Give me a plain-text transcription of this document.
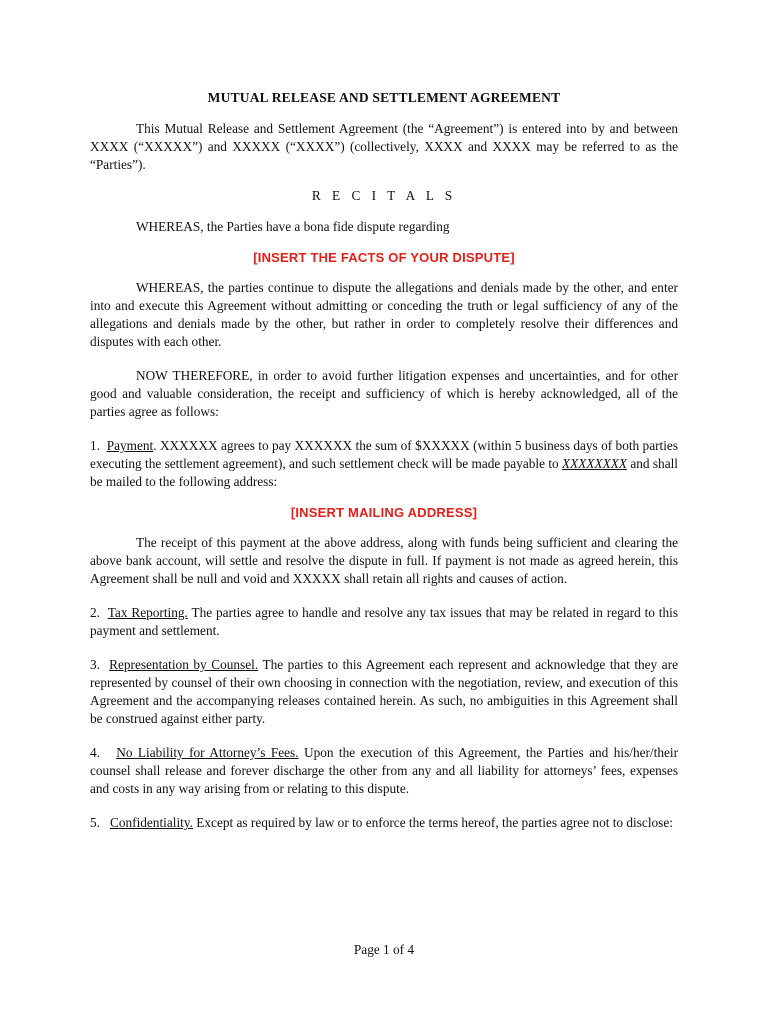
MUTUAL RELEASE AND SETTLEMENT AGREEMENT

This Mutual Release and Settlement Agreement (the “Agreement”) is entered into by and between XXXX (“XXXXX”) and XXXXX (“XXXX”) (collectively, XXXX and XXXX may be referred to as the “Parties”).

R E C I T A L S

WHEREAS, the Parties have a bona fide dispute regarding

[INSERT THE FACTS OF YOUR DISPUTE]

WHEREAS, the parties continue to dispute the allegations and denials made by the other, and enter into and execute this Agreement without admitting or conceding the truth or legal sufficiency of any of the allegations and denials made by the other, but rather in order to completely resolve their differences and disputes with each other.

NOW THEREFORE, in order to avoid further litigation expenses and uncertainties, and for other good and valuable consideration, the receipt and sufficiency of which is hereby acknowledged, all of the parties agree as follows:

1. Payment. XXXXXX agrees to pay XXXXXX the sum of $XXXXX (within 5 business days of both parties executing the settlement agreement), and such settlement check will be made payable to XXXXXXXX and shall be mailed to the following address:

[INSERT MAILING ADDRESS]

The receipt of this payment at the above address, along with funds being sufficient and clearing the above bank account, will settle and resolve the dispute in full. If payment is not made as agreed herein, this Agreement shall be null and void and XXXXX shall retain all rights and causes of action.

2. Tax Reporting. The parties agree to handle and resolve any tax issues that may be related in regard to this payment and settlement.

3. Representation by Counsel. The parties to this Agreement each represent and acknowledge that they are represented by counsel of their own choosing in connection with the negotiation, review, and execution of this Agreement and the accompanying releases contained herein. As such, no ambiguities in this Agreement shall be construed against either party.

4. No Liability for Attorney’s Fees. Upon the execution of this Agreement, the Parties and his/her/their counsel shall release and forever discharge the other from any and all liability for attorneys’ fees, expenses and costs in any way arising from or relating to this dispute.

5. Confidentiality. Except as required by law or to enforce the terms hereof, the parties agree not to disclose:

Page 1 of 4
